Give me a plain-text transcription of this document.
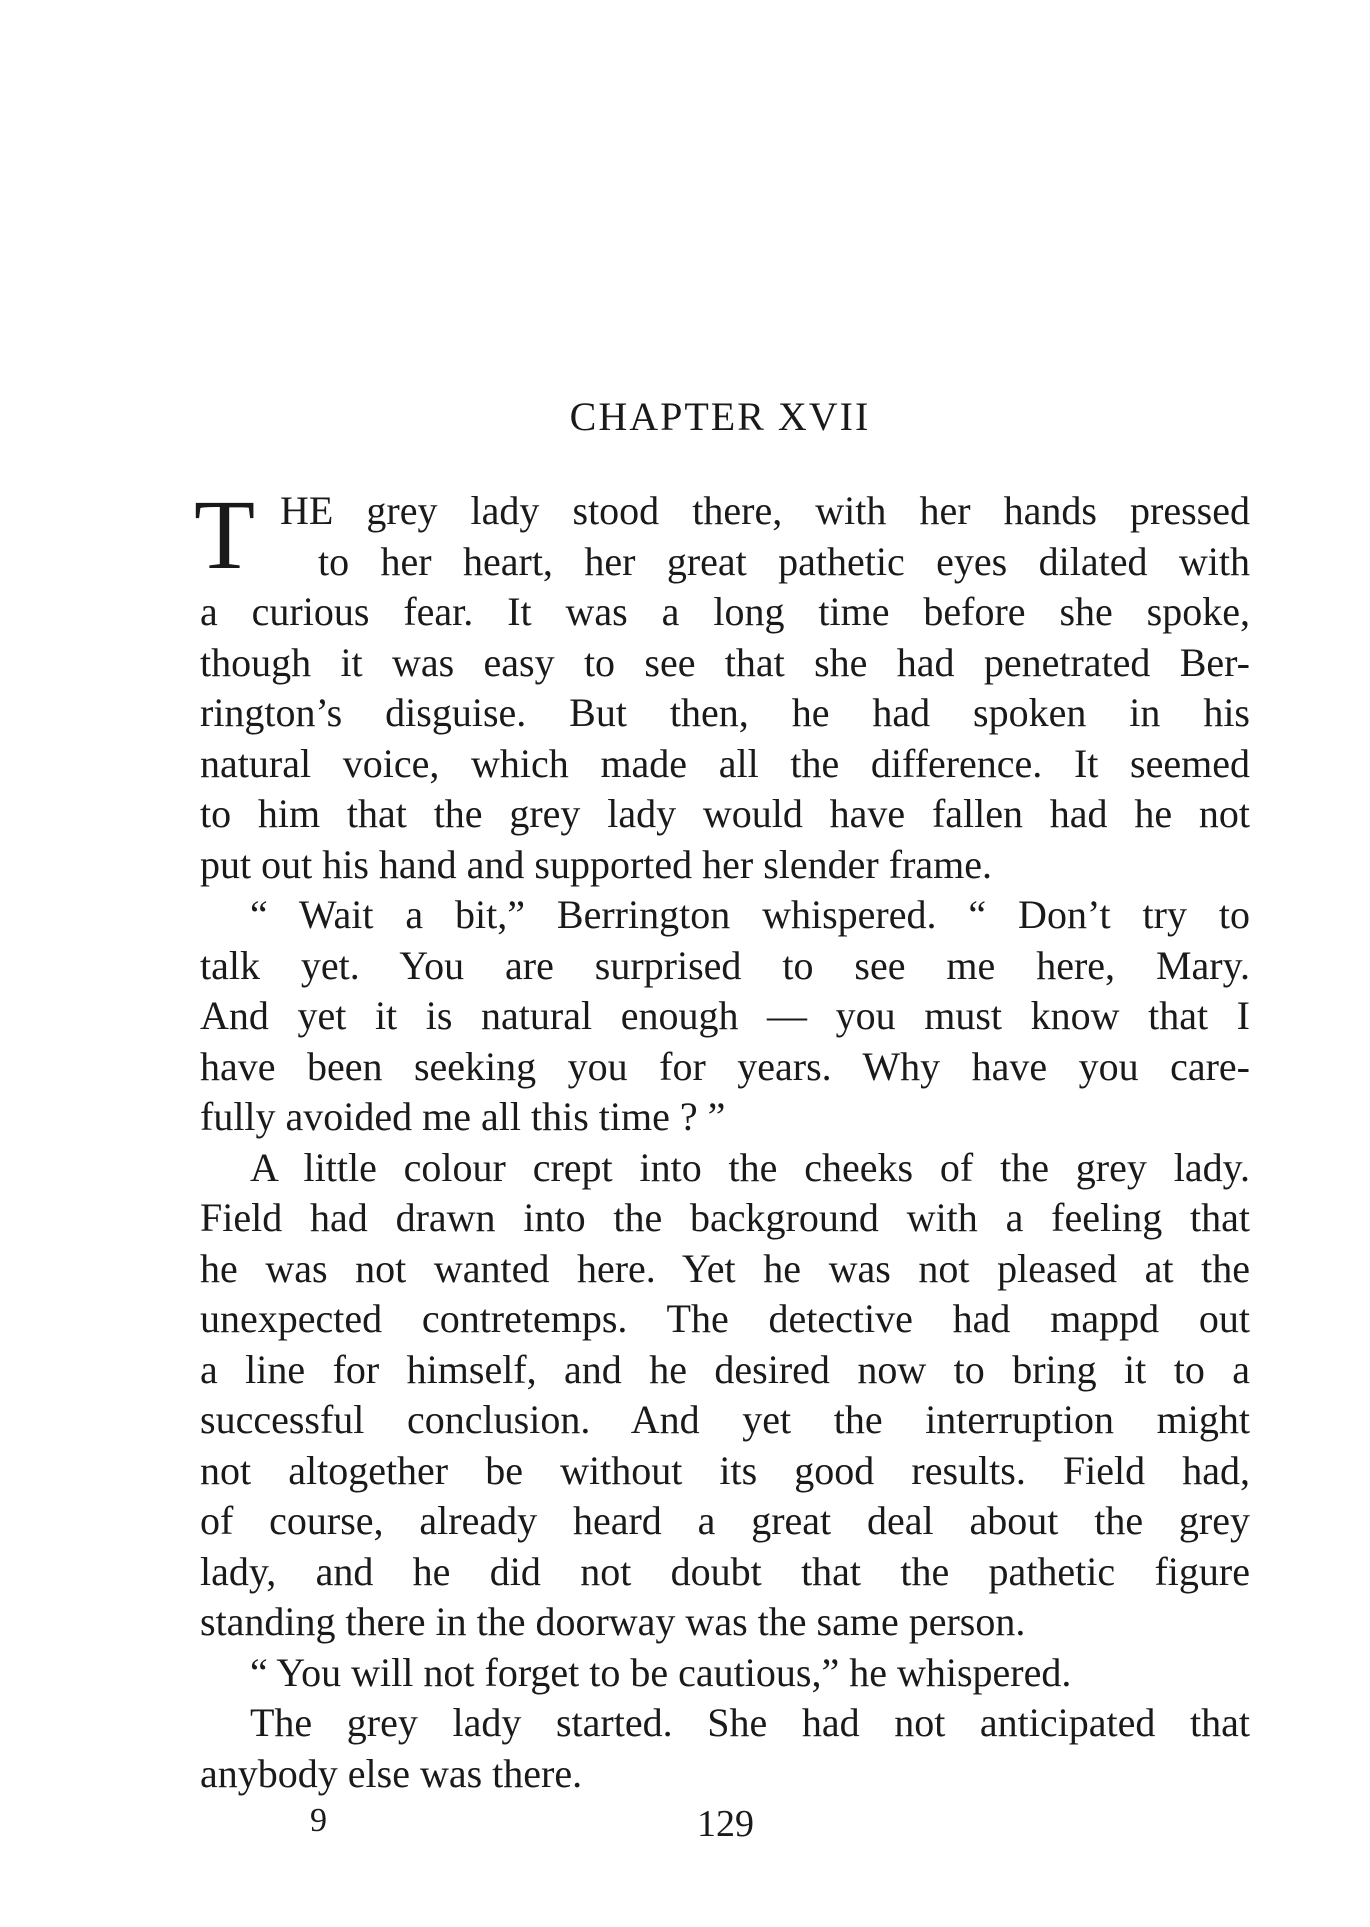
CHAPTER XVII
T HE grey lady stood there, with her hands pressed
to her heart, her great pathetic eyes dilated with
a curious fear. It was a long time before she spoke,
though it was easy to see that she had penetrated Ber-
rington’s disguise. But then, he had spoken in his
natural voice, which made all the difference. It seemed
to him that the grey lady would have fallen had he not
put out his hand and supported her slender frame.
“ Wait a bit,” Berrington whispered. “ Don’t try to
talk yet. You are surprised to see me here, Mary.
And yet it is natural enough — you must know that I
have been seeking you for years. Why have you care-
fully avoided me all this time ? ”
A little colour crept into the cheeks of the grey lady.
Field had drawn into the background with a feeling that
he was not wanted here. Yet he was not pleased at the
unexpected contretemps. The detective had mappd out
a line for himself, and he desired now to bring it to a
successful conclusion. And yet the interruption might
not altogether be without its good results. Field had,
of course, already heard a great deal about the grey
lady, and he did not doubt that the pathetic figure
standing there in the doorway was the same person.
“ You will not forget to be cautious,” he whispered.
The grey lady started. She had not anticipated that
anybody else was there.
9	129
